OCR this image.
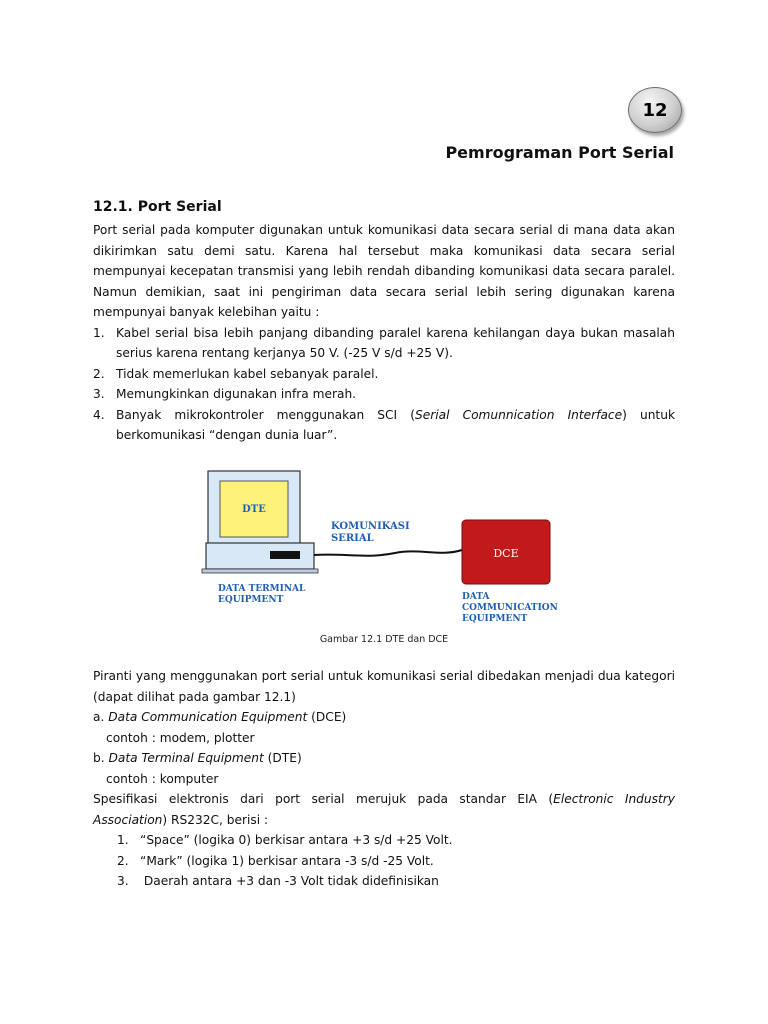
12
Pemrograman Port Serial
12.1. Port Serial

Port serial pada komputer digunakan untuk komunikasi data secara serial di mana data akan dikirimkan satu demi satu. Karena hal tersebut maka komunikasi data secara serial mempunyai kecepatan transmisi yang lebih rendah dibanding komunikasi data secara paralel. Namun demikian, saat ini pengiriman data secara serial lebih sering digunakan karena mempunyai banyak kelebihan yaitu :

1. Kabel serial bisa lebih panjang dibanding paralel karena kehilangan daya bukan masalah serius karena rentang kerjanya 50 V. (-25 V s/d +25 V).
2. Tidak memerlukan kabel sebanyak paralel.
3. Memungkinkan digunakan infra merah.
4. Banyak mikrokontroler menggunakan SCI (Serial Comunnication Interface) untuk berkomunikasi “dengan dunia luar”.
DTE
KOMUNIKASI
SERIAL
DCE
DATA TERMINAL
EQUIPMENT	DATA
COMMUNICATION
EQUIPMENT
Gambar 12.1 DTE dan DCE

Piranti yang menggunakan port serial untuk komunikasi serial dibedakan menjadi dua kategori (dapat dilihat pada gambar 12.1)

a. Data Communication Equipment (DCE)

contoh : modem, plotter

b. Data Terminal Equipment (DTE)

contoh : komputer

Spesifikasi elektronis dari port serial merujuk pada standar EIA (Electronic Industry Association) RS232C, berisi :

1. “Space” (logika 0) berkisar antara +3 s/d +25 Volt.
2. “Mark” (logika 1) berkisar antara -3 s/d -25 Volt.
3. Daerah antara +3 dan -3 Volt tidak didefinisikan
